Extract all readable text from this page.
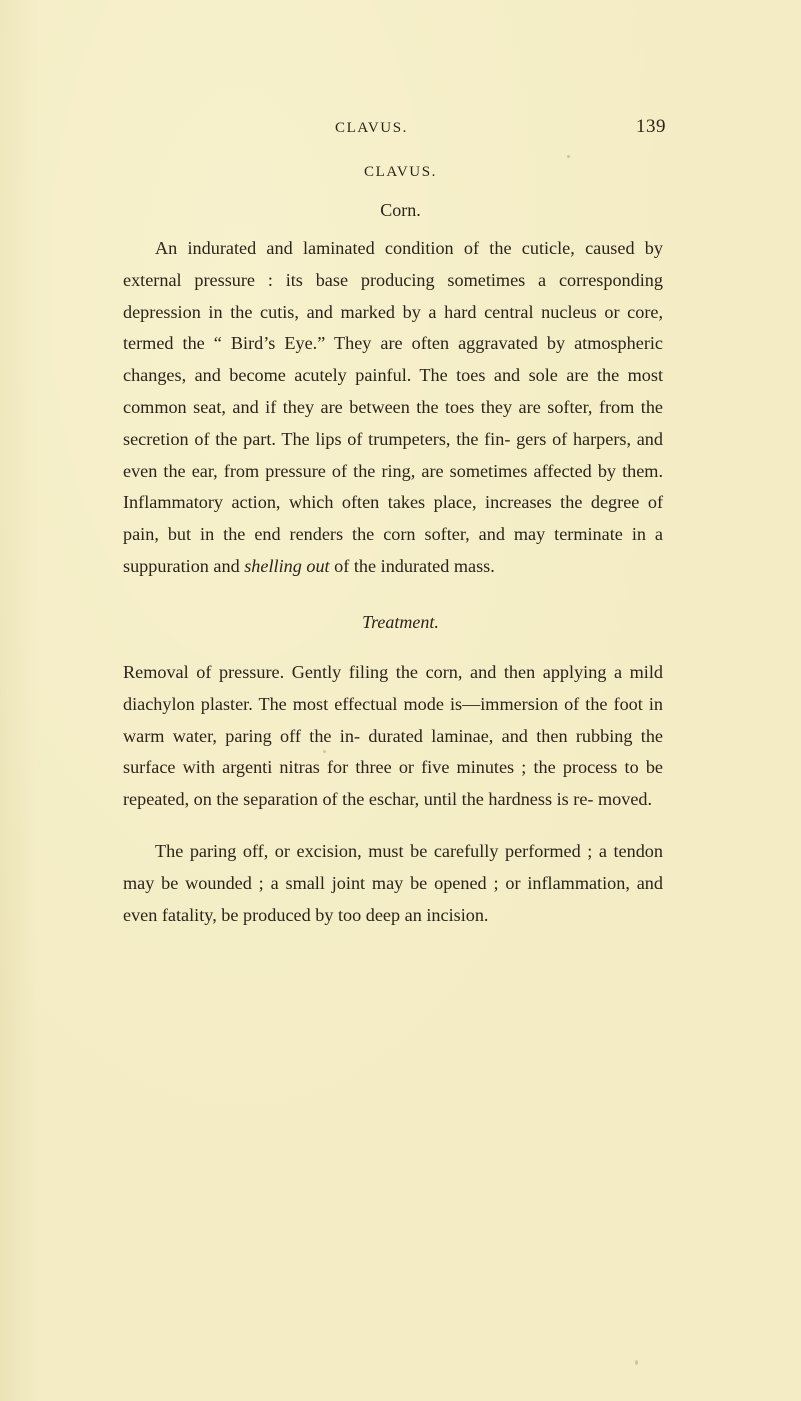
CLAVUS.	139
CLAVUS.
Corn.

An indurated and laminated condition of the cuticle, caused by external pressure : its base producing sometimes a corresponding depression in the cutis, and marked by a hard central nucleus or core, termed the “ Bird’s Eye.” They are often aggravated by atmospheric changes, and become acutely painful. The toes and sole are the most common seat, and if they are between the toes they are softer, from the secretion of the part. The lips of trumpeters, the fin- gers of harpers, and even the ear, from pressure of the ring, are sometimes affected by them. Inflammatory action, which often takes place, increases the degree of pain, but in the end renders the corn softer, and may terminate in a suppuration and shelling out of the indurated mass.

Treatment.

Removal of pressure. Gently filing the corn, and then applying a mild diachylon plaster. The most effectual mode is—immersion of the foot in warm water, paring off the in- durated laminae, and then rubbing the surface with argenti nitras for three or five minutes ; the process to be repeated, on the separation of the eschar, until the hardness is re- moved.

The paring off, or excision, must be carefully performed ; a tendon may be wounded ; a small joint may be opened ; or inflammation, and even fatality, be produced by too deep an incision.
